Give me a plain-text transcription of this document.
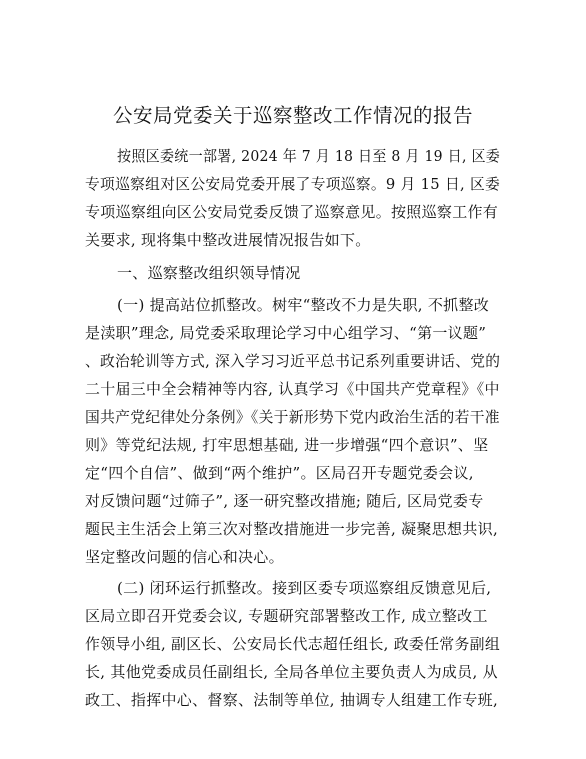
公安局党委关于巡察整改工作情况的报告
按照区委统一部署, 2024 年 7 月 18 日至 8 月 19 日, 区委
专项巡察组对区公安局党委开展了专项巡察。9 月 15 日, 区委
专项巡察组向区公安局党委反馈了巡察意见。按照巡察工作有
关要求, 现将集中整改进展情况报告如下。
一、巡察整改组织领导情况
(一) 提高站位抓整改。树牢“整改不力是失职, 不抓整改
是渎职”理念, 局党委采取理论学习中心组学习、“第一议题”
、政治轮训等方式, 深入学习习近平总书记系列重要讲话、党的
二十届三中全会精神等内容, 认真学习《中国共产党章程》《中
国共产党纪律处分条例》《关于新形势下党内政治生活的若干准
则》等党纪法规, 打牢思想基础, 进一步增强“四个意识”、坚
定“四个自信”、做到“两个维护”。区局召开专题党委会议,
对反馈问题“过筛子”, 逐一研究整改措施; 随后, 区局党委专
题民主生活会上第三次对整改措施进一步完善, 凝聚思想共识,
坚定整改问题的信心和决心。
(二) 闭环运行抓整改。接到区委专项巡察组反馈意见后,
区局立即召开党委会议, 专题研究部署整改工作, 成立整改工
作领导小组, 副区长、公安局长代志超任组长, 政委任常务副组
长, 其他党委成员任副组长, 全局各单位主要负责人为成员, 从
政工、指挥中心、督察、法制等单位, 抽调专人组建工作专班,
